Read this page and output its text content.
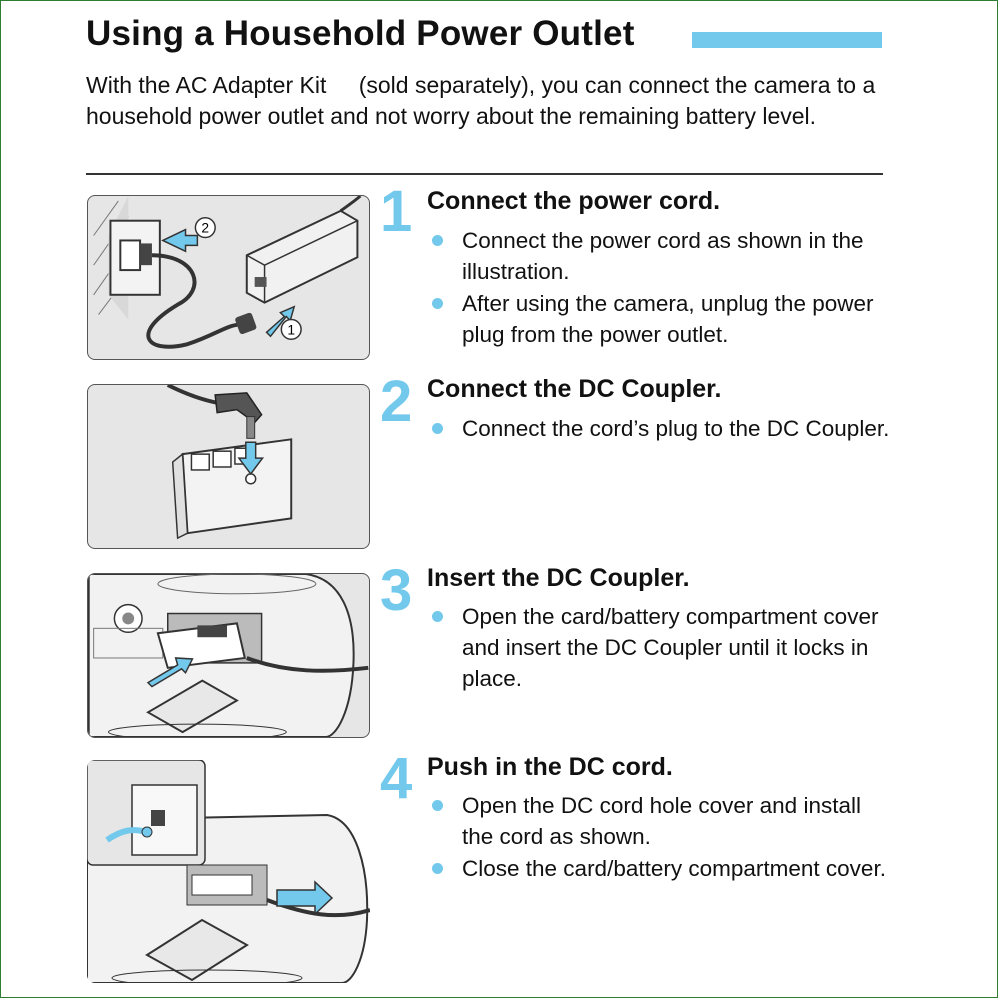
Using a Household Power Outlet
With the AC Adapter Kit (sold separately), you can connect the camera to a household power outlet and not worry about the remaining battery level.
2
1
1 Connect the power cord.
Connect the power cord as shown in the illustration.
After using the camera, unplug the power plug from the power outlet.
2 Connect the DC Coupler.
Connect the cord’s plug to the DC Coupler.
3 Insert the DC Coupler.
Open the card/battery compartment cover and insert the DC Coupler until it locks in place.
4 Push in the DC cord.
Open the DC cord hole cover and install the cord as shown.
Close the card/battery compartment cover.
